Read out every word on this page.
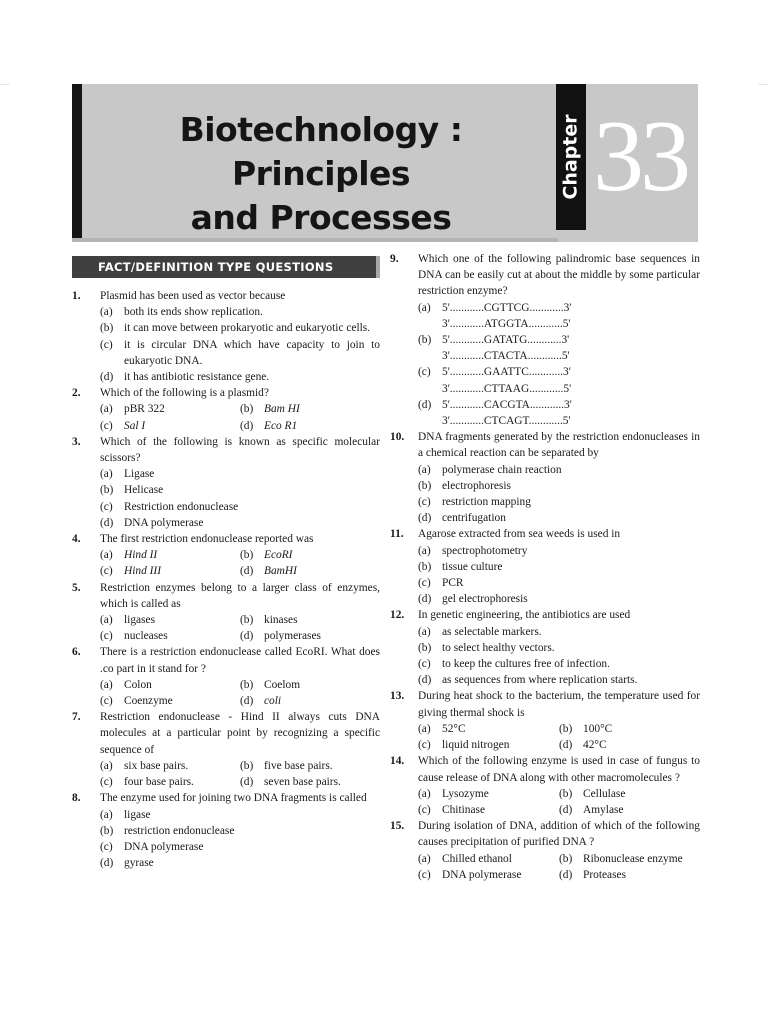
Biotechnology : Principles
and Processes
Chapter 33
FACT/DEFINITION TYPE QUESTIONS
1. Plasmid has been used as vector because
(a) both its ends show replication.
(b) it can move between prokaryotic and eukaryotic cells.
(c) it is circular DNA which have capacity to join to eukaryotic DNA.
(d) it has antibiotic resistance gene.
2. Which of the following is a plasmid?
(a) pBR 322	(b) Bam HI
(c) Sal I	(d) Eco R1
3. Which of the following is known as specific molecular scissors?
(a) Ligase
(b) Helicase
(c) Restriction endonuclease
(d) DNA polymerase
4. The first restriction endonuclease reported was
(a) Hind II	(b) EcoRI
(c) Hind III	(d) BamHI
5. Restriction enzymes belong to a larger class of enzymes, which is called as
(a) ligases	(b) kinases
(c) nucleases	(d) polymerases
6. There is a restriction endonuclease called EcoRI. What does .co part in it stand for ?
(a) Colon	(b) Coelom
(c) Coenzyme	(d) coli
7. Restriction endonuclease - Hind II always cuts DNA molecules at a particular point by recognizing a specific sequence of
(a) six base pairs.	(b) five base pairs.
(c) four base pairs.	(d) seven base pairs.
8. The enzyme used for joining two DNA fragments is called
(a) ligase
(b) restriction endonuclease
(c) DNA polymerase
(d) gyrase
9. Which one of the following palindromic base sequences in DNA can be easily cut at about the middle by some particular restriction enzyme?
(a) 5'............CGTTCG............3'
3'............ATGGTA............5'
(b) 5'............GATATG............3'
3'............CTACTA............5'
(c) 5'............GAATTC............3'
3'............CTTAAG............5'
(d) 5'............CACGTA............3'
3'............CTCAGT............5'
10. DNA fragments generated by the restriction endonucleases in a chemical reaction can be separated by
(a) polymerase chain reaction
(b) electrophoresis
(c) restriction mapping
(d) centrifugation
11. Agarose extracted from sea weeds is used in
(a) spectrophotometry
(b) tissue culture
(c) PCR
(d) gel electrophoresis
12. In genetic engineering, the antibiotics are used
(a) as selectable markers.
(b) to select healthy vectors.
(c) to keep the cultures free of infection.
(d) as sequences from where replication starts.
13. During heat shock to the bacterium, the temperature used for giving thermal shock is
(a) 52°C	(b) 100°C
(c) liquid nitrogen	(d) 42°C
14. Which of the following enzyme is used in case of fungus to cause release of DNA along with other macromolecules ?
(a) Lysozyme	(b) Cellulase
(c) Chitinase	(d) Amylase
15. During isolation of DNA, addition of which of the following causes precipitation of purified DNA ?
(a) Chilled ethanol	(b) Ribonuclease enzyme
(c) DNA polymerase	(d) Proteases
